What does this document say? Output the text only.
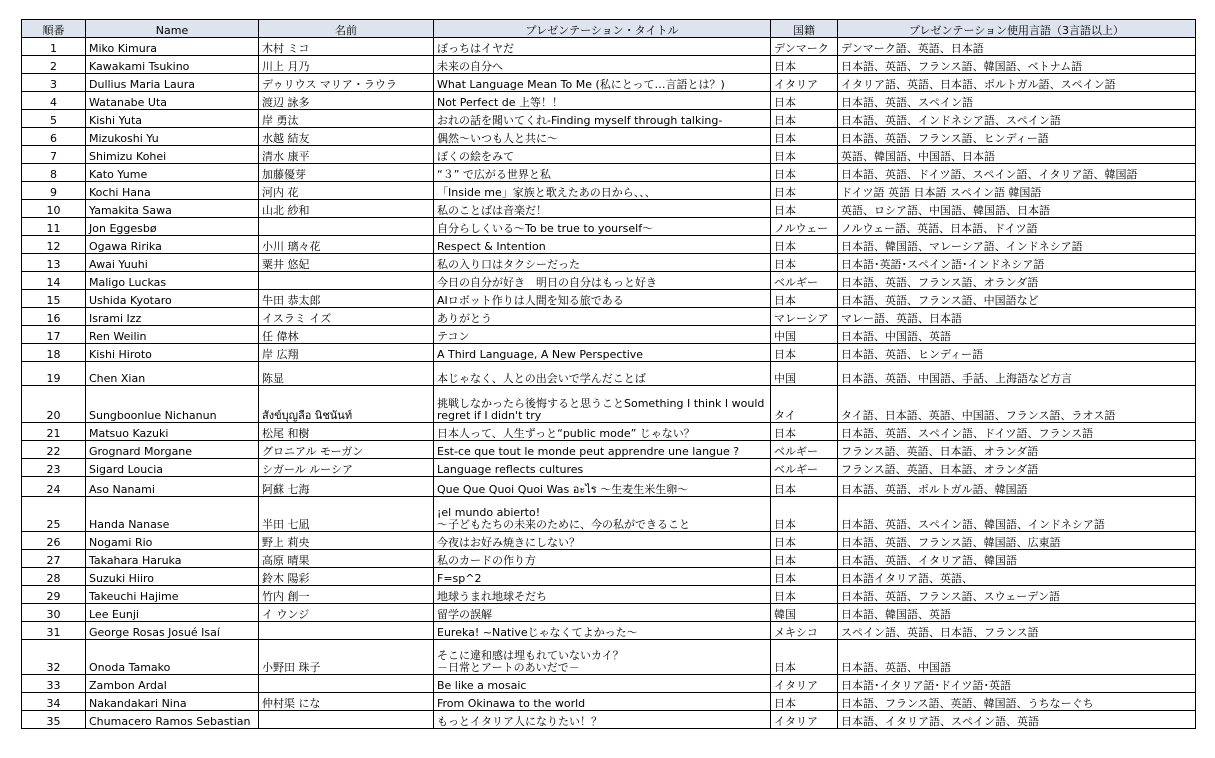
順番	Name	名前	プレゼンテーション・タイトル	国籍	プレゼンテーション使用言語（3言語以上）
1	Miko Kimura	木村 ミコ	ぼっちはイヤだ	デンマーク	デンマーク語、英語、日本語
2	Kawakami Tsukino	川上 月乃	未来の自分へ	日本	日本語、英語、フランス語、韓国語、ベトナム語
3	Dullius Maria Laura	デゥリウス マリア・ラウラ	What Language Mean To Me (私にとって…言語とは？)	イタリア	イタリア語、英語、日本語、ポルトガル語、スペイン語
4	Watanabe Uta	渡辺 詠多	Not Perfect de 上等！！	日本	日本語、英語、スペイン語
5	Kishi Yuta	岸 勇汰	おれの話を聞いてくれ-Finding myself through talking-	日本	日本語、英語、インドネシア語、スペイン語
6	Mizukoshi Yu	水越 結友	偶然～いつも人と共に～	日本	日本語、英語、フランス語、ヒンディー語
7	Shimizu Kohei	清水 康平	ぼくの絵をみて	日本	英語、韓国語、中国語、日本語
8	Kato Yume	加藤優芽	“３” で広がる世界と私	日本	日本語、英語、ドイツ語、スペイン語、イタリア語、韓国語
9	Kochi Hana	河内 花	「Inside me」家族と歌えたあの日から、、、	日本	ドイツ語 英語 日本語 スペイン語 韓国語
10	Yamakita Sawa	山北 紗和	私のことばは音楽だ！	日本	英語、ロシア語、中国語、韓国語、日本語
11	Jon Eggesbø		自分らしくいる～To be true to yourself～	ノルウェー	ノルウェー語、英語、日本語、ドイツ語
12	Ogawa Ririka	小川 璃々花	Respect & Intention	日本	日本語、韓国語、マレーシア語、インドネシア語
13	Awai Yuuhi	粟井 悠妃	私の入り口はタクシーだった	日本	日本語･英語･スペイン語･インドネシア語
14	Maligo Luckas		今日の自分が好き　明日の自分はもっと好き	ベルギー	日本語、英語、フランス語、オランダ語
15	Ushida Kyotaro	牛田 恭太郎	AIロボット作りは人間を知る旅である	日本	日本語、英語、フランス語、中国語など
16	Isrami Izz	イスラミ イズ	ありがとう	マレーシア	マレー語、英語、日本語
17	Ren Weilin	任 偉林	テコン	中国	日本語、中国語、英語
18	Kishi Hiroto	岸 広翔	A Third Language, A New Perspective	日本	日本語、英語、ヒンディー語
19	Chen Xian	陈显	本じゃなく、人との出会いで学んだことば	中国	日本語、英語、中国語、手話、上海語など方言
20	Sungboonlue Nichanun	สังข์บุญลือ นิชนันท์	挑戦しなかったら後悔すると思うことSomething I think I would
regret if I didn't try	タイ	タイ語、日本語、英語、中国語、フランス語、ラオス語
21	Matsuo Kazuki	松尾 和樹	日本人って、人生ずっと“public mode” じゃない？	日本	日本語、英語、スペイン語、ドイツ語、フランス語
22	Grognard Morgane	グロニアル モーガン	Est-ce que tout le monde peut apprendre une langue ?	ベルギー	フランス語、英語、日本語、オランダ語
23	Sigard Loucia	シガール ルーシア	Language reflects cultures	ベルギー	フランス語、英語、日本語、オランダ語
24	Aso Nanami	阿蘇 七海	Que Que Quoi Quoi Was อะไร ～生麦生米生卵～	日本	日本語、英語、ポルトガル語、韓国語
25	Handa Nanase	半田 七凪	¡el mundo abierto!
～子どもたちの未来のために、今の私ができること	日本	日本語、英語、スペイン語、韓国語、インドネシア語
26	Nogami Rio	野上 莉央	今夜はお好み焼きにしない？	日本	日本語、英語、フランス語、韓国語、広東語
27	Takahara Haruka	高原 晴果	私のカードの作り方	日本	日本語、英語、イタリア語、韓国語
28	Suzuki Hiiro	鈴木 陽彩	F=sp^2	日本	日本語イタリア語、英語、
29	Takeuchi Hajime	竹内 創一	地球うまれ地球そだち	日本	日本語、英語、フランス語、スウェーデン語
30	Lee Eunji	イ ウンジ	留学の誤解	韓国	日本語、韓国語、英語
31	George Rosas Josué Isaí		Eureka! ~Nativeじゃなくてよかった～	メキシコ	スペイン語、英語、日本語、フランス語
32	Onoda Tamako	小野田 珠子	そこに違和感は埋もれていないカイ？
－日常とアートのあいだで－	日本	日本語、英語、中国語
33	Zambon Ardal		Be like a mosaic	イタリア	日本語･イタリア語･ドイツ語･英語
34	Nakandakari Nina	仲村渠 にな	From Okinawa to the world	日本	日本語、フランス語、英語、韓国語、うちなーぐち
35	Chumacero Ramos Sebastian		もっとイタリア人になりたい！？	イタリア	日本語、イタリア語、スペイン語、英語
